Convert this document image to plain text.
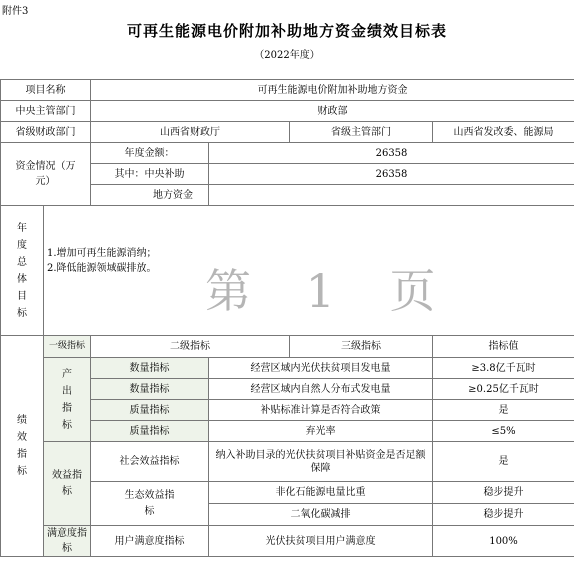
附件3
可再生能源电价附加补助地方资金绩效目标表
（2022年度）
项目名称		可再生能源电价附加补助地方资金			
中央主管部门		财政部			
省级财政部门		山西省财政厅		省级主管部门	山西省发改委、能源局
资金情况（万元）		年度金额：	26358		
		其中：中央补助	26358		
		地方资金			
年度总体目标	1.增加可再生能源消纳；
2.降低能源领域碳排放。				

绩效指标	一级指标	二级指标		三级指标	指标值
	产出指标	数量指标	经营区域内光伏扶贫项目发电量		≥3.8亿千瓦时
		数量指标	经营区域内自然人分布式发电量		≥0.25亿千瓦时
		质量指标	补贴标准计算是否符合政策		是
		质量指标	弃光率		≤5%
	效益指标	社会效益指标	纳入补助目录的光伏扶贫项目补贴资金是否足额保障		是
		生态效益指标	非化石能源电量比重		稳步提升
			二氧化碳减排		稳步提升
	满意度指标	用户满意度指标	光伏扶贫项目用户满意度		100%
第 1 页
